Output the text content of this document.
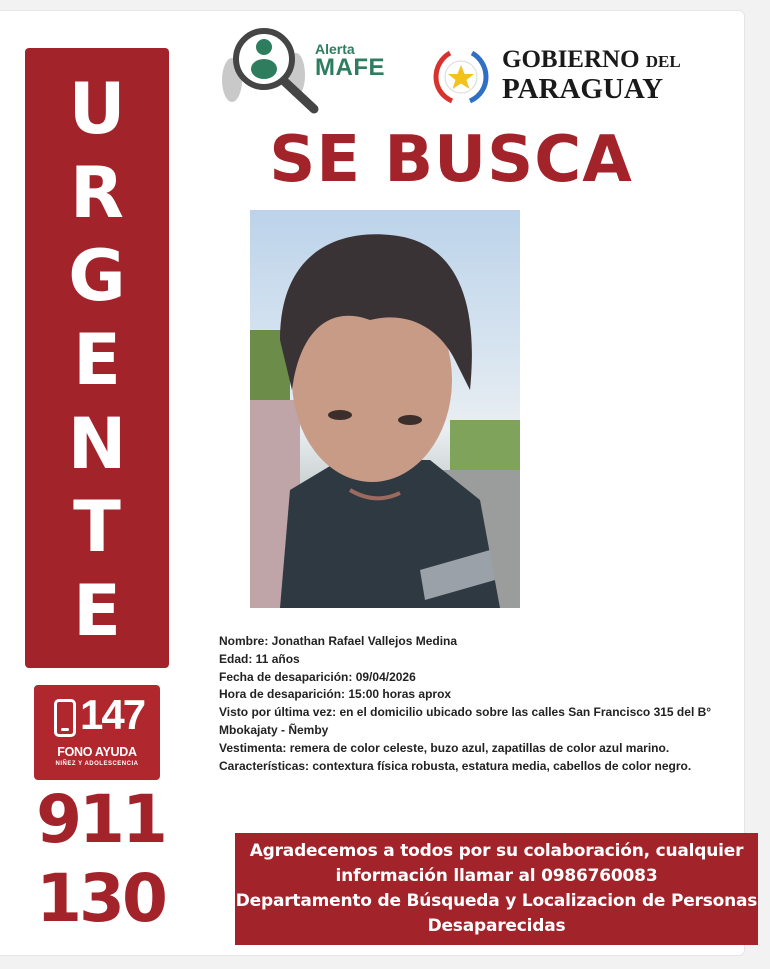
U
R
G
E
N
T
E
Alerta
MAFE	GOBIERNO DEL
PARAGUAY
SE BUSCA
147
FONO AYUDA
NIÑEZ Y ADOLESCENCIA
911
130
Nombre: Jonathan Rafael Vallejos Medina
Edad: 11 años
Fecha de desaparición: 09/04/2026
Hora de desaparición: 15:00 horas aprox
Visto por última vez: en el domicilio ubicado sobre las calles San Francisco 315 del B°
Mbokajaty - Ñemby
Vestimenta: remera de color celeste, buzo azul, zapatillas de color azul marino.
Características: contextura física robusta, estatura media, cabellos de color negro.
Agradecemos a todos por su colaboración, cualquier
información llamar al 0986760083
Departamento de Búsqueda y Localizacion de Personas
Desaparecidas
